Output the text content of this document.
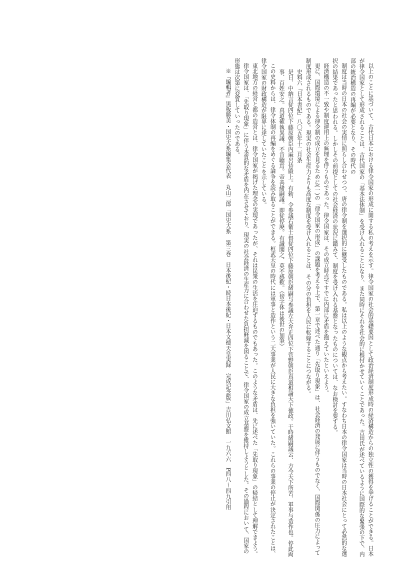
以上のことに基づいて、古代日本における律令国家の形成に関する私の考えを示す。律令国家の社会的基礎要因として政治経済制度形成時の経済構造からの独立性の獲得を挙げることができる。日本が律令国家として形成されることは、古代国家の「基本法体制」を受け入れることになり、また同時にそれを社会的に根付かせていくことであった。吉田氏が述べているように国際的な緊張の下で、内部の統治構造の再編が必要となり、その時代の

制度は当時の日本の社会の実情に照らし合わせつつ、唐の律令制を選択的に継受したものである。私は以上のような観点から考えたい。すなわち日本の律令国家は当時の日本社会にとって必然的な選択の結果であったと思われる。しかしその前提としての社会経済の状況に鑑みて、制度を受け入れる基盤となったものについては、なお検討を要する。

経済構造の不一致や制度運用上の無理を伴うものであった。律令国家は、その成立時点ですでに内部に矛盾を抱えていたといえよう。

更に、国際環境による律令制の成立を見るために(一)の「律令国家の形成」の課題を考える上で、第一章で述べた通り「先取り現象」は、社会経済の発展に伴うものでなく、国際関係の圧力によって制度形成されるものである。現実の社会生産力よりも高度な制度を受け入れることは、その分の負担を人民に転嫁することにつながる。

史料六『日本書紀』八〇五年十二月条

是日、中納言従四位下藤原朝臣内麻呂侍殿上。有勅、令参議右衛士督従四位下藤原朝臣緒嗣与参議左大弁正四位下菅野朝臣真道相論天下徳政。于時緒嗣議云、方今天下所苦、軍事与造作也。停此両事、百姓安之。真道確執異議、不肯聴焉。帝善緒嗣議。即従停廃。有識聞之、莫不感歎。（傍字体は後世の加筆）

この史料からは、律令体制の再編をめぐる論争を読み取ることができる。桓武天皇の時代には軍事と造作という二大事業が人民に大きな負担を強いていた。これらの事業の停止が決定されたことは、律令国家の財政構造が限界に達していたことを示している。

東北地方の経営と都の造営とは、律令国家が掲げた理念の実現であったが、それは民衆の生活を圧迫するものでもあった。このような矛盾は、先に述べた「先取り現象」の帰結として理解できよう。

律令国家は、「先取り現象」に伴う本質的な矛盾を内在させており、現実の社会経済の生産力に合わせた負担軽減を図ることで、律令国家の成立基盤を維持しようとした。その過程において、国家の形態は次第に変質していったのである。

※『編輯者』黒板勝美・国史大系編集会代表　丸山二郎「国史大系　第三巻　日本後紀・続日本後紀・日本文徳天皇実録　完成記念版」吉川弘文館　一九六六　P四八〜四九引用
